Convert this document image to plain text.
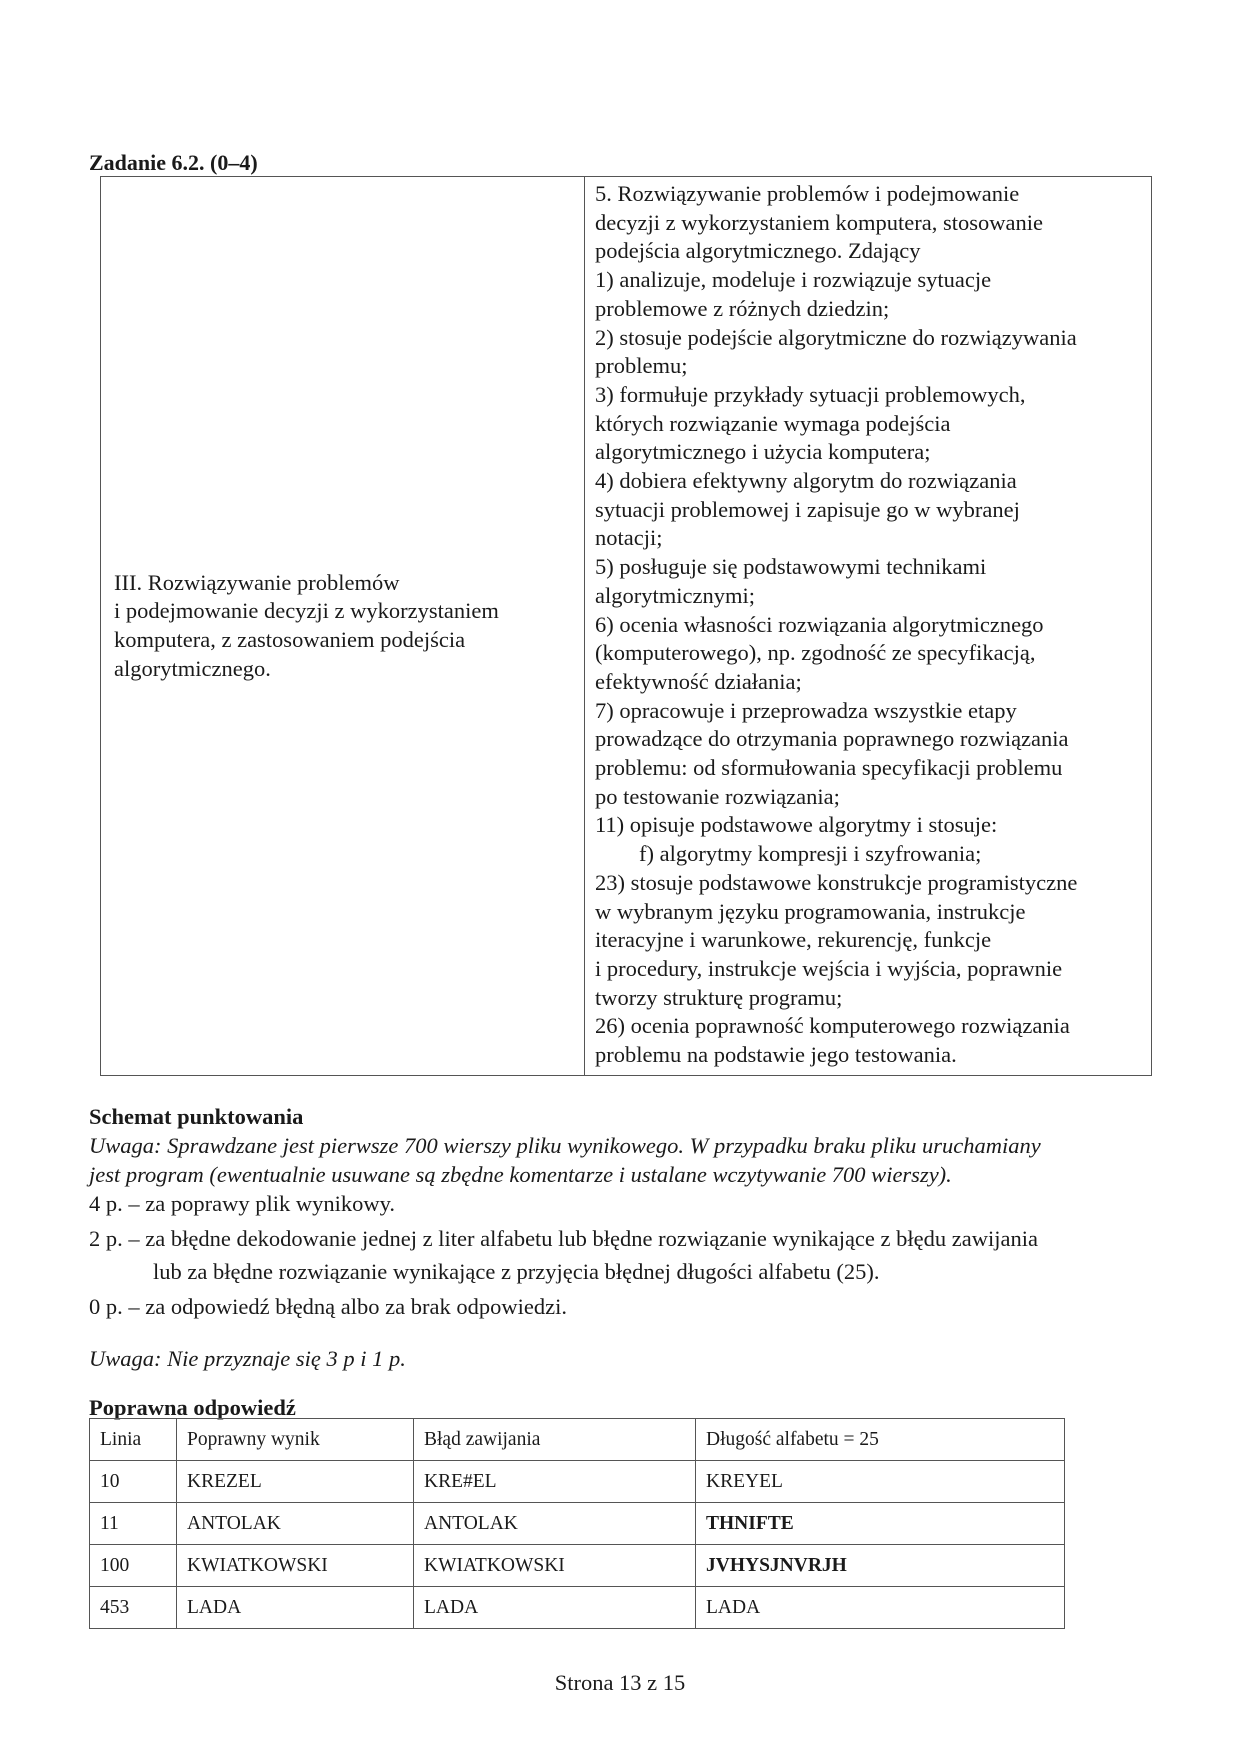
Zadanie 6.2. (0–4)
III. Rozwiązywanie problemów
i podejmowanie decyzji z wykorzystaniem
komputera, z zastosowaniem podejścia
algorytmicznego.

5. Rozwiązywanie problemów i podejmowanie
decyzji z wykorzystaniem komputera, stosowanie
podejścia algorytmicznego. Zdający
1) analizuje, modeluje i rozwiązuje sytuacje
problemowe z różnych dziedzin;
2) stosuje podejście algorytmiczne do rozwiązywania
problemu;
3) formułuje przykłady sytuacji problemowych,
których rozwiązanie wymaga podejścia
algorytmicznego i użycia komputera;
4) dobiera efektywny algorytm do rozwiązania
sytuacji problemowej i zapisuje go w wybranej
notacji;
5) posługuje się podstawowymi technikami
algorytmicznymi;
6) ocenia własności rozwiązania algorytmicznego
(komputerowego), np. zgodność ze specyfikacją,
efektywność działania;
7) opracowuje i przeprowadza wszystkie etapy
prowadzące do otrzymania poprawnego rozwiązania
problemu: od sformułowania specyfikacji problemu
po testowanie rozwiązania;
11) opisuje podstawowe algorytmy i stosuje:
f) algorytmy kompresji i szyfrowania;
23) stosuje podstawowe konstrukcje programistyczne
w wybranym języku programowania, instrukcje
iteracyjne i warunkowe, rekurencję, funkcje
i procedury, instrukcje wejścia i wyjścia, poprawnie
tworzy strukturę programu;
26) ocenia poprawność komputerowego rozwiązania
problemu na podstawie jego testowania.
Schemat punktowania
Uwaga: Sprawdzane jest pierwsze 700 wierszy pliku wynikowego. W przypadku braku pliku uruchamiany
jest program (ewentualnie usuwane są zbędne komentarze i ustalane wczytywanie 700 wierszy).
4 p. – za poprawy plik wynikowy.
2 p. – za błędne dekodowanie jednej z liter alfabetu lub błędne rozwiązanie wynikające z błędu zawijania
lub za błędne rozwiązanie wynikające z przyjęcia błędnej długości alfabetu (25).
0 p. – za odpowiedź błędną albo za brak odpowiedzi.
Uwaga: Nie przyznaje się 3 p i 1 p.
Poprawna odpowiedź
Linia	Poprawny wynik	Błąd zawijania	Długość alfabetu = 25
10	KREZEL	KRE#EL	KREYEL
11	ANTOLAK	ANTOLAK	THNIFTE
100	KWIATKOWSKI	KWIATKOWSKI	JVHYSJNVRJH
453	LADA	LADA	LADA
Strona 13 z 15
